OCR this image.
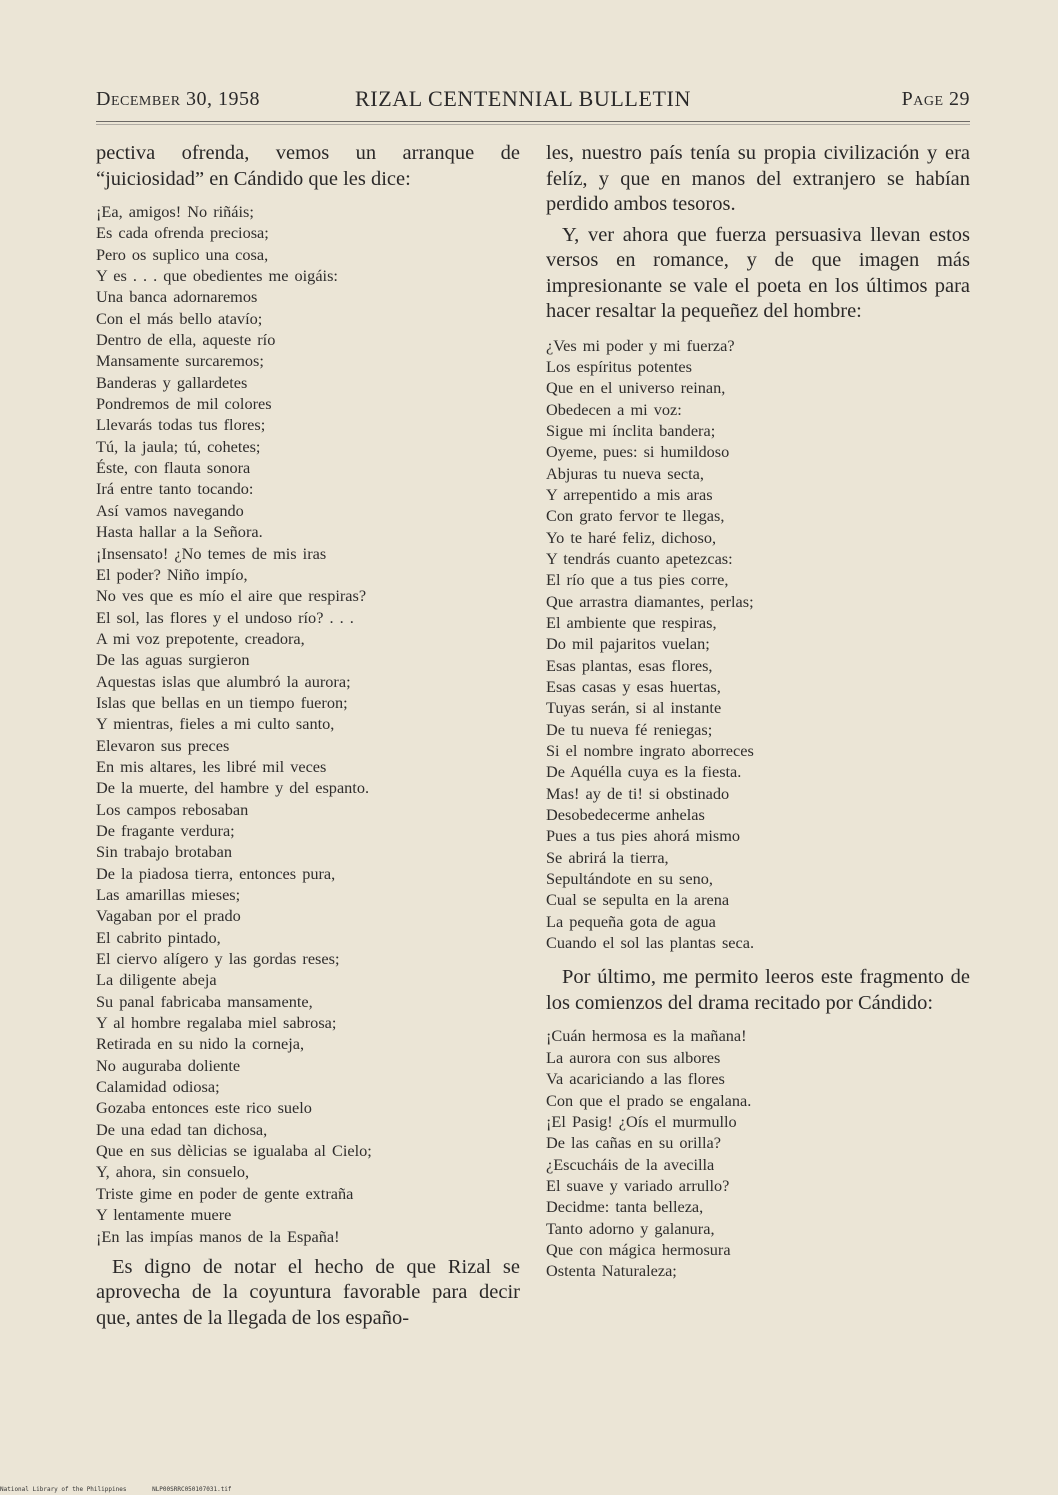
December 30, 1958	RIZAL CENTENNIAL BULLETIN	Page 29

pectiva ofrenda, vemos un arranque de “juiciosidad” en Cándido que les dice:

¡Ea, amigos! No riñáis;
Es cada ofrenda preciosa;
Pero os suplico una cosa,
Y es . . . que obedientes me oigáis:
Una banca adornaremos
Con el más bello atavío;
Dentro de ella, aqueste río
Mansamente surcaremos;
Banderas y gallardetes
Pondremos de mil colores
Llevarás todas tus flores;
Tú, la jaula; tú, cohetes;
Éste, con flauta sonora
Irá entre tanto tocando:
Así vamos navegando
Hasta hallar a la Señora.
¡Insensato! ¿No temes de mis iras
El poder? Niño impío,
No ves que es mío el aire que respiras?
El sol, las flores y el undoso río? . . .
A mi voz prepotente, creadora,
De las aguas surgieron
Aquestas islas que alumbró la aurora;
Islas que bellas en un tiempo fueron;
Y mientras, fieles a mi culto santo,
Elevaron sus preces
En mis altares, les libré mil veces
De la muerte, del hambre y del espanto.
Los campos rebosaban
De fragante verdura;
Sin trabajo brotaban
De la piadosa tierra, entonces pura,
Las amarillas mieses;
Vagaban por el prado
El cabrito pintado,
El ciervo alígero y las gordas reses;
La diligente abeja
Su panal fabricaba mansamente,
Y al hombre regalaba miel sabrosa;
Retirada en su nido la corneja,
No auguraba doliente
Calamidad odiosa;
Gozaba entonces este rico suelo
De una edad tan dichosa,
Que en sus dèlicias se igualaba al Cielo;
Y, ahora, sin consuelo,
Triste gime en poder de gente extraña
Y lentamente muere
¡En las impías manos de la España!

Es digno de notar el hecho de que Rizal se aprovecha de la coyuntura favorable para decir que, antes de la llegada de los españo-

les, nuestro país tenía su propia civilización y era felíz, y que en manos del extranjero se habían perdido ambos tesoros.

Y, ver ahora que fuerza persuasiva llevan estos versos en romance, y de que imagen más impresionante se vale el poeta en los últimos para hacer resaltar la pequeñez del hombre:

¿Ves mi poder y mi fuerza?
Los espíritus potentes
Que en el universo reinan,
Obedecen a mi voz:
Sigue mi ínclita bandera;
Oyeme, pues: si humildoso
Abjuras tu nueva secta,
Y arrepentido a mis aras
Con grato fervor te llegas,
Yo te haré feliz, dichoso,
Y tendrás cuanto apetezcas:
El río que a tus pies corre,
Que arrastra diamantes, perlas;
El ambiente que respiras,
Do mil pajaritos vuelan;
Esas plantas, esas flores,
Esas casas y esas huertas,
Tuyas serán, si al instante
De tu nueva fé reniegas;
Si el nombre ingrato aborreces
De Aquélla cuya es la fiesta.
Mas! ay de ti! si obstinado
Desobedecerme anhelas
Pues a tus pies ahorá mismo
Se abrirá la tierra,
Sepultándote en su seno,
Cual se sepulta en la arena
La pequeña gota de agua
Cuando el sol las plantas seca.

Por último, me permito leeros este fragmento de los comienzos del drama recitado por Cándido:

¡Cuán hermosa es la mañana!
La aurora con sus albores
Va acariciando a las flores
Con que el prado se engalana.
¡El Pasig! ¿Oís el murmullo
De las cañas en su orilla?
¿Escucháis de la avecilla
El suave y variado arrullo?
Decidme: tanta belleza,
Tanto adorno y galanura,
Que con mágica hermosura
Ostenta Naturaleza;
National Library of the Philippines	NLP00SRRC050107031.tif
